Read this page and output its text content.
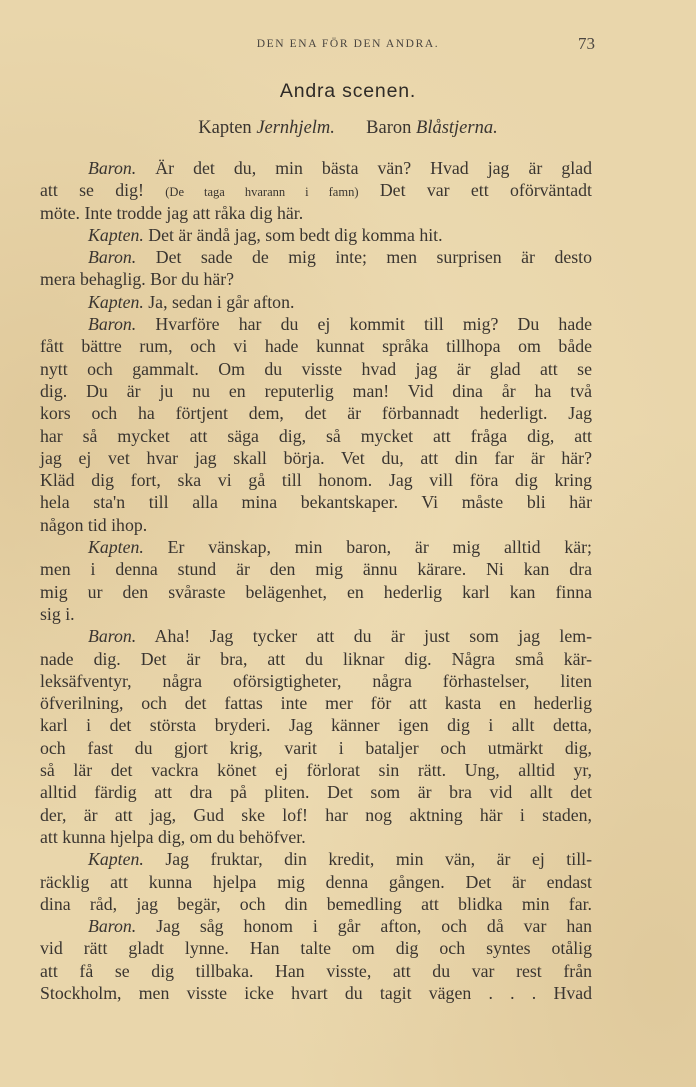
DEN ENA FÖR DEN ANDRA.	73
Andra scenen.
Kapten Jernhjelm. Baron Blåstjerna.
Baron. Är det du, min bästa vän? Hvad jag är glad
att se dig! (De taga hvarann i famn) Det var ett oförväntadt
möte. Inte trodde jag att råka dig här.
Kapten. Det är ändå jag, som bedt dig komma hit.
Baron. Det sade de mig inte; men surprisen är desto
mera behaglig. Bor du här?
Kapten. Ja, sedan i går afton.
Baron. Hvarföre har du ej kommit till mig? Du hade
fått bättre rum, och vi hade kunnat språka tillhopa om både
nytt och gammalt. Om du visste hvad jag är glad att se
dig. Du är ju nu en reputerlig man! Vid dina år ha två
kors och ha förtjent dem, det är förbannadt hederligt. Jag
har så mycket att säga dig, så mycket att fråga dig, att
jag ej vet hvar jag skall börja. Vet du, att din far är här?
Kläd dig fort, ska vi gå till honom. Jag vill föra dig kring
hela sta'n till alla mina bekantskaper. Vi måste bli här
någon tid ihop.
Kapten. Er vänskap, min baron, är mig alltid kär;
men i denna stund är den mig ännu kärare. Ni kan dra
mig ur den svåraste belägenhet, en hederlig karl kan finna
sig i.
Baron. Aha! Jag tycker att du är just som jag lem-
nade dig. Det är bra, att du liknar dig. Några små kär-
leksäfventyr, några oförsigtigheter, några förhastelser, liten
öfverilning, och det fattas inte mer för att kasta en hederlig
karl i det största bryderi. Jag känner igen dig i allt detta,
och fast du gjort krig, varit i bataljer och utmärkt dig,
så lär det vackra könet ej förlorat sin rätt. Ung, alltid yr,
alltid färdig att dra på pliten. Det som är bra vid allt det
der, är att jag, Gud ske lof! har nog aktning här i staden,
att kunna hjelpa dig, om du behöfver.
Kapten. Jag fruktar, din kredit, min vän, är ej till-
räcklig att kunna hjelpa mig denna gången. Det är endast
dina råd, jag begär, och din bemedling att blidka min far.
Baron. Jag såg honom i går afton, och då var han
vid rätt gladt lynne. Han talte om dig och syntes otålig
att få se dig tillbaka. Han visste, att du var rest från
Stockholm, men visste icke hvart du tagit vägen . . . Hvad
